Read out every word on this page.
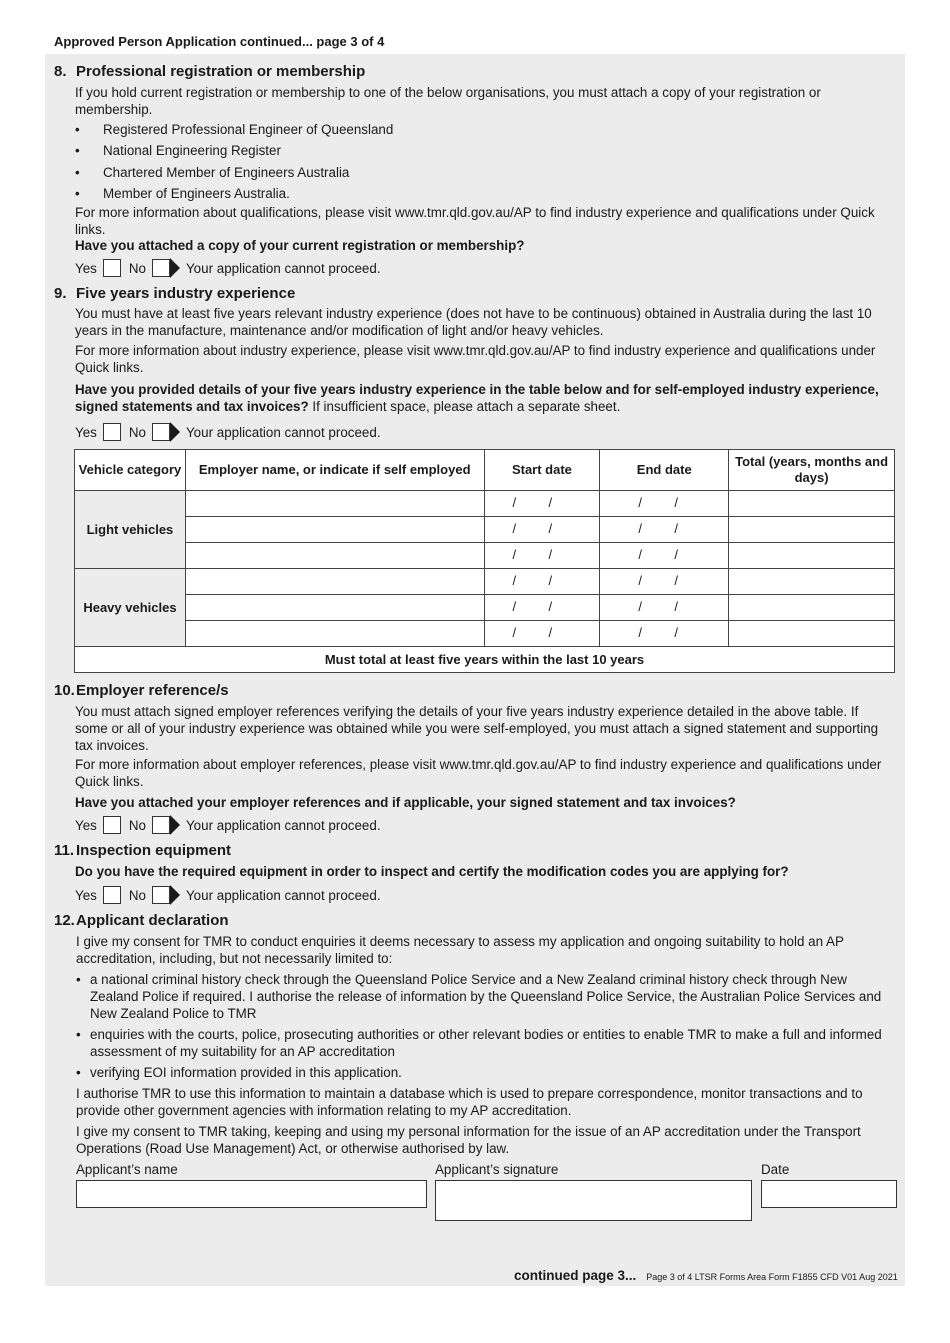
Approved Person Application continued... page 3 of 4
8. Professional registration or membership
If you hold current registration or membership to one of the below organisations, you must attach a copy of your registration or membership.
• Registered Professional Engineer of Queensland
• National Engineering Register
• Chartered Member of Engineers Australia
• Member of Engineers Australia.
For more information about qualifications, please visit www.tmr.qld.gov.au/AP to find industry experience and qualifications under Quick links.
Have you attached a copy of your current registration or membership?
Yes No	Your application cannot proceed.
9. Five years industry experience
You must have at least five years relevant industry experience (does not have to be continuous) obtained in Australia during the last 10 years in the manufacture, maintenance and/or modification of light and/or heavy vehicles.
For more information about industry experience, please visit www.tmr.qld.gov.au/AP to find industry experience and qualifications under Quick links.
Have you provided details of your five years industry experience in the table below and for self-employed industry experience, signed statements and tax invoices? If insufficient space, please attach a separate sheet.
Yes No	Your application cannot proceed.
Vehicle category	Employer name, or indicate if self employed	Start date	End date	Total (years, months and days)
Light vehicles		/ /	/ /	

		/ /	/ /	

		/ /	/ /	

Heavy vehicles		/ /	/ /	

		/ /	/ /	

		/ /	/ /	

Must total at least five years within the last 10 years				
10.Employer reference/s
You must attach signed employer references verifying the details of your five years industry experience detailed in the above table. If some or all of your industry experience was obtained while you were self-employed, you must attach a signed statement and supporting tax invoices.
For more information about employer references, please visit www.tmr.qld.gov.au/AP to find industry experience and qualifications under Quick links.
Have you attached your employer references and if applicable, your signed statement and tax invoices?
Yes No	Your application cannot proceed.
11. Inspection equipment
Do you have the required equipment in order to inspect and certify the modification codes you are applying for?
Yes No	Your application cannot proceed.
12.Applicant declaration
I give my consent for TMR to conduct enquiries it deems necessary to assess my application and ongoing suitability to hold an AP accreditation, including, but not necessarily limited to:
• a national criminal history check through the Queensland Police Service and a New Zealand criminal history check through New Zealand Police if required. I authorise the release of information by the Queensland Police Service, the Australian Police Services and New Zealand Police to TMR
• enquiries with the courts, police, prosecuting authorities or other relevant bodies or entities to enable TMR to make a full and informed assessment of my suitability for an AP accreditation
• verifying EOI information provided in this application.
I authorise TMR to use this information to maintain a database which is used to prepare correspondence, monitor transactions and to provide other government agencies with information relating to my AP accreditation.
I give my consent to TMR taking, keeping and using my personal information for the issue of an AP accreditation under the Transport Operations (Road Use Management) Act, or otherwise authorised by law.
Applicant’s name	Applicant’s signature	Date
continued page 3... Page 3 of 4 LTSR Forms Area Form F1855 CFD V01 Aug 2021
